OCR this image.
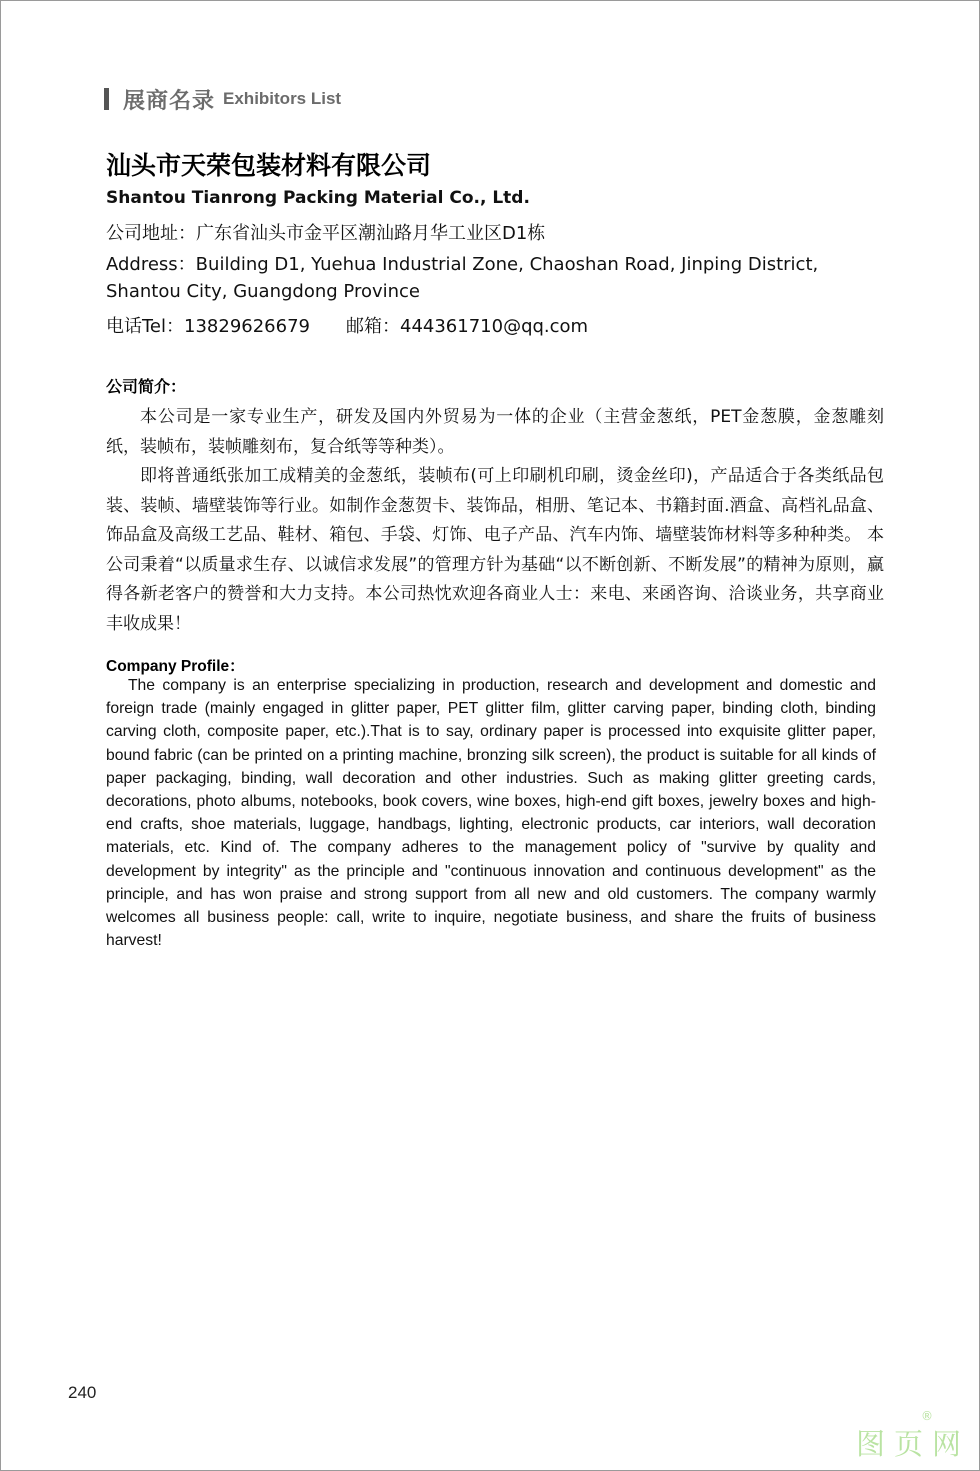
展商名录 Exhibitors List
汕头市天荣包装材料有限公司
Shantou Tianrong Packing Material Co., Ltd.
公司地址：广东省汕头市金平区潮汕路月华工业区D1栋
Address：Building D1, Yuehua Industrial Zone, Chaoshan Road, Jinping District,
Shantou City, Guangdong Province
电话Tel：13829626679 邮箱：444361710@qq.com
公司简介：

本公司是一家专业生产，研发及国内外贸易为一体的企业（主营金葱纸，PET金葱膜，金葱雕刻纸，装帧布，装帧雕刻布，复合纸等等种类）。

即将普通纸张加工成精美的金葱纸，装帧布(可上印刷机印刷，烫金丝印)，产品适合于各类纸品包装、装帧、墙壁装饰等行业。如制作金葱贺卡、装饰品，相册、笔记本、书籍封面.酒盒、高档礼品盒、饰品盒及高级工艺品、鞋材、箱包、手袋、灯饰、电子产品、汽车内饰、墙壁装饰材料等多种种类。 本公司秉着“以质量求生存、以诚信求发展”的管理方针为基础“以不断创新、不断发展”的精神为原则，赢得各新老客户的赞誉和大力支持。本公司热忱欢迎各商业人士：来电、来函咨询、洽谈业务，共享商业丰收成果！

Company Profile：

The company is an enterprise specializing in production, research and development and domestic and foreign trade (mainly engaged in glitter paper, PET glitter film, glitter carving paper, binding cloth, binding carving cloth, composite paper, etc.).That is to say, ordinary paper is processed into exquisite glitter paper, bound fabric (can be printed on a printing machine, bronzing silk screen), the product is suitable for all kinds of paper packaging, binding, wall decoration and other industries. Such as making glitter greeting cards, decorations, photo albums, notebooks, book covers, wine boxes, high-end gift boxes, jewelry boxes and high-end crafts, shoe materials, luggage, handbags, lighting, electronic products, car interiors, wall decoration materials, etc. Kind of. The company adheres to the management policy of "survive by quality and development by integrity" as the principle and "continuous innovation and continuous development" as the principle, and has won praise and strong support from all new and old customers. The company warmly welcomes all business people: call, write to inquire, negotiate business, and share the fruits of business harvest!

240
图页网
®
